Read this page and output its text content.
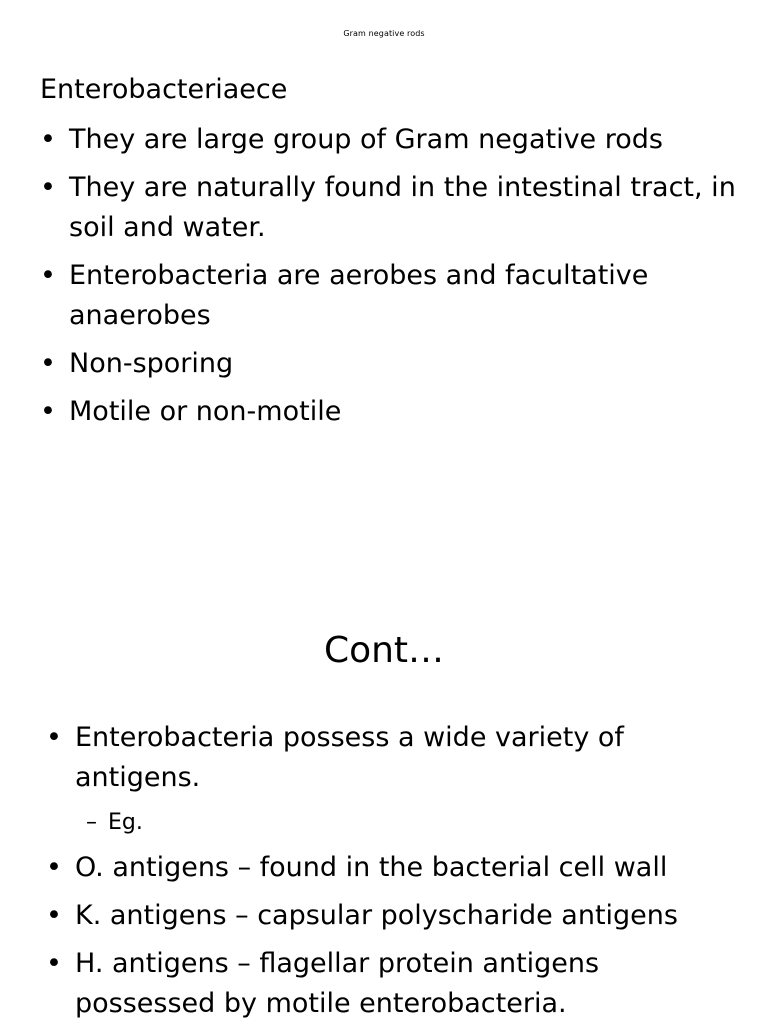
Gram negative rods
Enterobacteriaece
• They are large group of Gram negative rods
• They are naturally found in the intestinal tract, in soil and water.
• Enterobacteria are aerobes and facultative anaerobes
• Non-sporing
• Motile or non-motile
Cont…
• Enterobacteria possess a wide variety of antigens.
– Eg.
• O. antigens – found in the bacterial cell wall
• K. antigens – capsular polyscharide antigens
• H. antigens – flagellar protein antigens possessed by motile enterobacteria.
